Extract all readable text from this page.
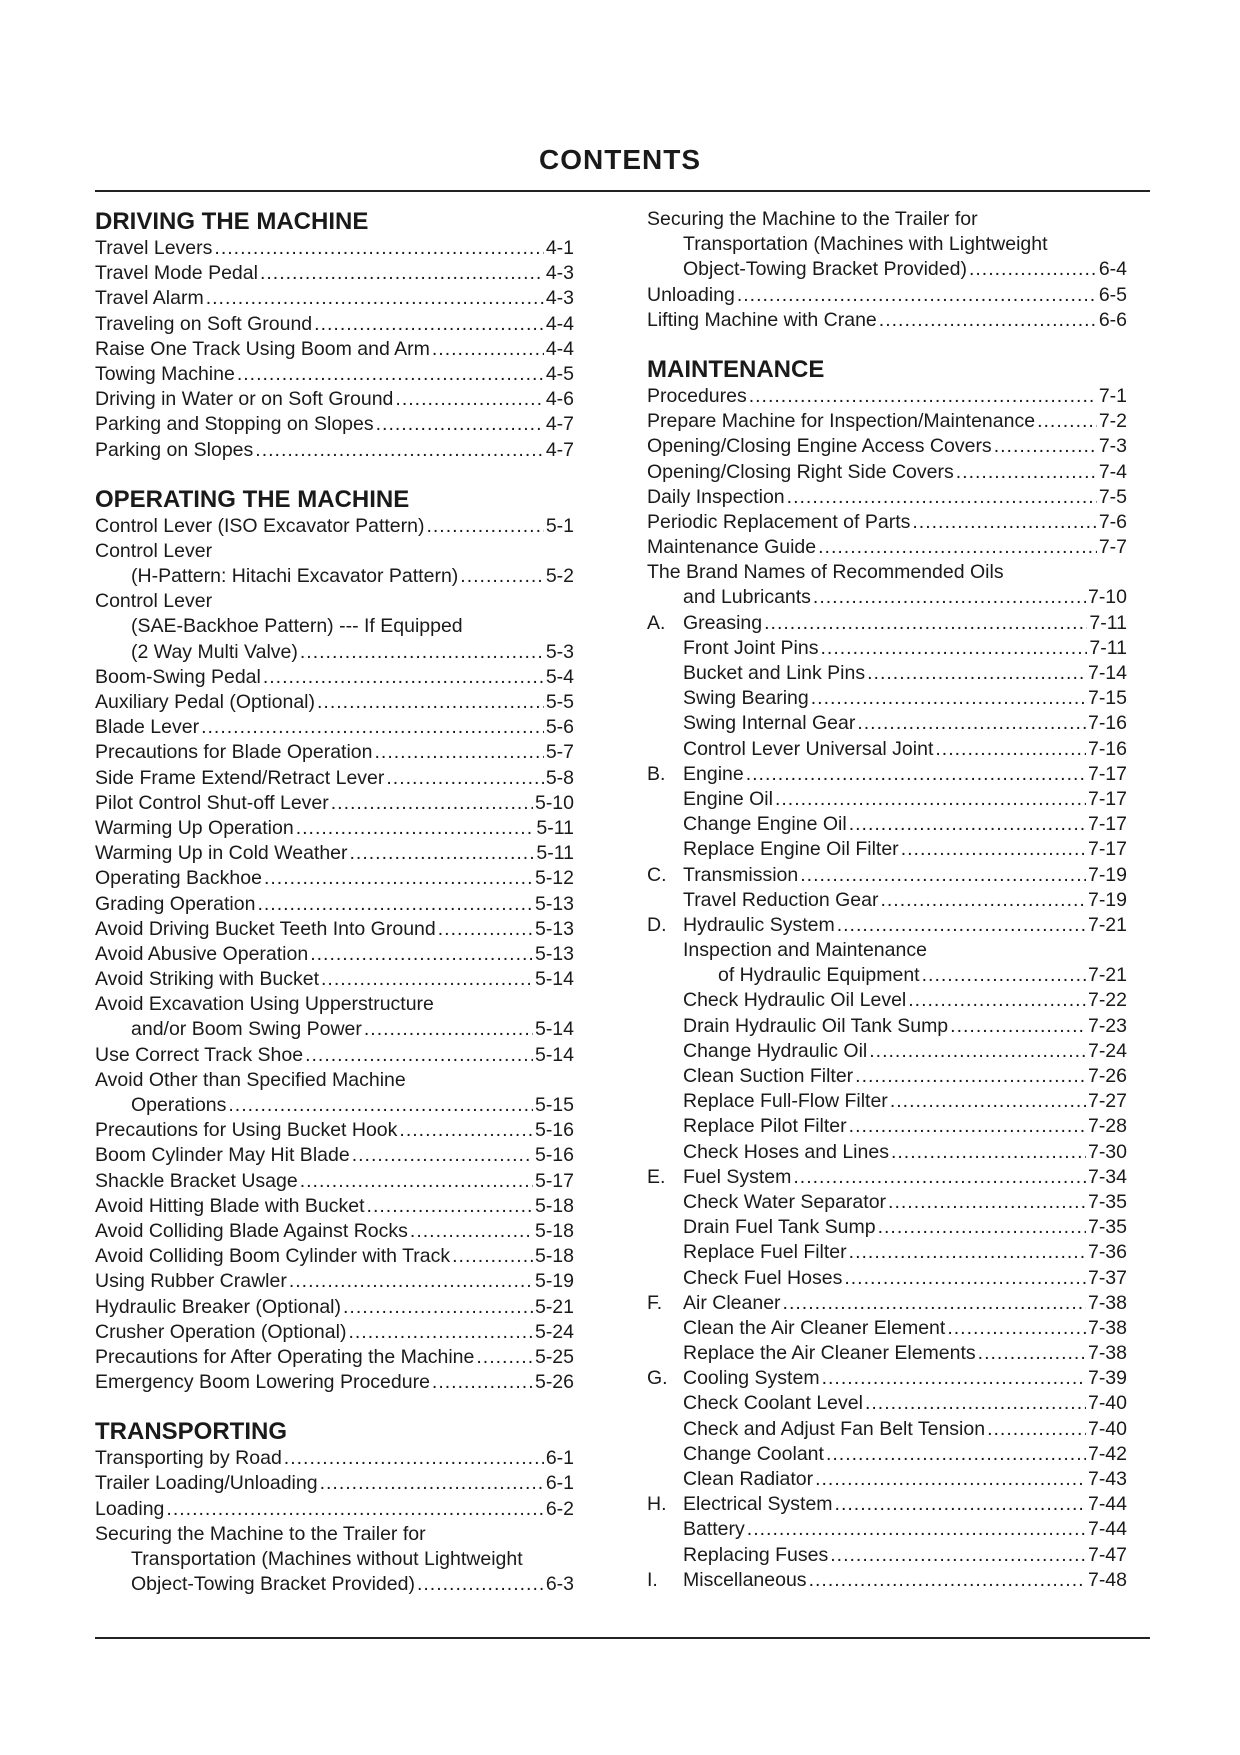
CONTENTS
DRIVING THE MACHINE
Travel Levers .....	4-1
Travel Mode Pedal .....	4-3
Travel Alarm .....	4-3
Traveling on Soft Ground .....	4-4
Raise One Track Using Boom and Arm .....	4-4
Towing Machine .....	4-5
Driving in Water or on Soft Ground .....	4-6
Parking and Stopping on Slopes .....	4-7
Parking on Slopes .....	4-7
OPERATING THE MACHINE
Control Lever (ISO Excavator Pattern) .....	5-1
Control Lever
(H-Pattern: Hitachi Excavator Pattern) .....	5-2
Control Lever
(SAE-Backhoe Pattern) --- If Equipped
(2 Way Multi Valve) .....	5-3
Boom-Swing Pedal .....	5-4
Auxiliary Pedal (Optional) .....	5-5
Blade Lever .....	5-6
Precautions for Blade Operation .....	5-7
Side Frame Extend/Retract Lever .....	5-8
Pilot Control Shut-off Lever .....	5-10
Warming Up Operation .....	5-11
Warming Up in Cold Weather .....	5-11
Operating Backhoe .....	5-12
Grading Operation .....	5-13
Avoid Driving Bucket Teeth Into Ground .....	5-13
Avoid Abusive Operation .....	5-13
Avoid Striking with Bucket .....	5-14
Avoid Excavation Using Upperstructure
and/or Boom Swing Power .....	5-14
Use Correct Track Shoe .....	5-14
Avoid Other than Specified Machine
Operations .....	5-15
Precautions for Using Bucket Hook .....	5-16
Boom Cylinder May Hit Blade .....	5-16
Shackle Bracket Usage .....	5-17
Avoid Hitting Blade with Bucket .....	5-18
Avoid Colliding Blade Against Rocks .....	5-18
Avoid Colliding Boom Cylinder with Track .....	5-18
Using Rubber Crawler .....	5-19
Hydraulic Breaker (Optional) .....	5-21
Crusher Operation (Optional) .....	5-24
Precautions for After Operating the Machine .....	5-25
Emergency Boom Lowering Procedure .....	5-26
TRANSPORTING
Transporting by Road .....	6-1
Trailer Loading/Unloading .....	6-1
Loading .....	6-2
Securing the Machine to the Trailer for
Transportation (Machines without Lightweight
Object-Towing Bracket Provided) .....	6-3
Securing the Machine to the Trailer for
Transportation (Machines with Lightweight
Object-Towing Bracket Provided) .....	6-4
Unloading .....	6-5
Lifting Machine with Crane .....	6-6
MAINTENANCE
Procedures .....	7-1
Prepare Machine for Inspection/Maintenance .....	7-2
Opening/Closing Engine Access Covers .....	7-3
Opening/Closing Right Side Covers .....	7-4
Daily Inspection .....	7-5
Periodic Replacement of Parts .....	7-6
Maintenance Guide .....	7-7
The Brand Names of Recommended Oils
and Lubricants .....	7-10
A. Greasing .....	7-11
Front Joint Pins .....	7-11
Bucket and Link Pins .....	7-14
Swing Bearing .....	7-15
Swing Internal Gear .....	7-16
Control Lever Universal Joint .....	7-16
B. Engine .....	7-17
Engine Oil .....	7-17
Change Engine Oil .....	7-17
Replace Engine Oil Filter .....	7-17
C. Transmission .....	7-19
Travel Reduction Gear .....	7-19
D. Hydraulic System .....	7-21
Inspection and Maintenance
of Hydraulic Equipment .....	7-21
Check Hydraulic Oil Level .....	7-22
Drain Hydraulic Oil Tank Sump .....	7-23
Change Hydraulic Oil .....	7-24
Clean Suction Filter .....	7-26
Replace Full-Flow Filter .....	7-27
Replace Pilot Filter .....	7-28
Check Hoses and Lines .....	7-30
E. Fuel System .....	7-34
Check Water Separator .....	7-35
Drain Fuel Tank Sump .....	7-35
Replace Fuel Filter .....	7-36
Check Fuel Hoses .....	7-37
F.	Air Cleaner .....	7-38
Clean the Air Cleaner Element .....	7-38
Replace the Air Cleaner Elements .....	7-38
G. Cooling System .....	7-39
Check Coolant Level .....	7-40
Check and Adjust Fan Belt Tension .....	7-40
Change Coolant .....	7-42
Clean Radiator .....	7-43
H. Electrical System .....	7-44
Battery .....	7-44
Replacing Fuses .....	7-47
I.	Miscellaneous .....	7-48
